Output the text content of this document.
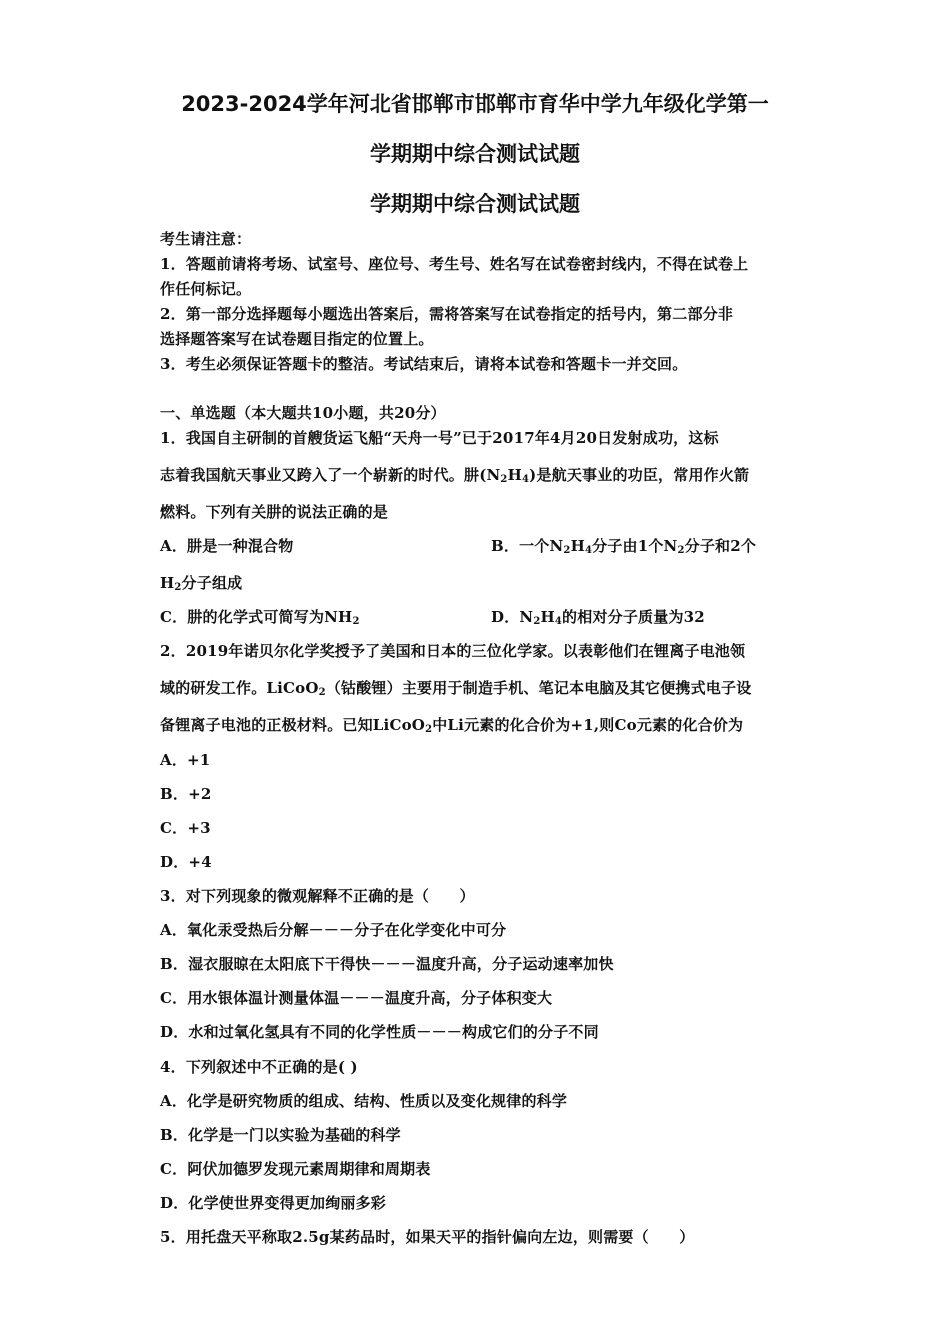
2023-2024学年河北省邯郸市邯郸市育华中学九年级化学第一
学期期中综合测试试题
学期期中综合测试试题
考生请注意：
1．答题前请将考场、试室号、座位号、考生号、姓名写在试卷密封线内，不得在试卷上
作任何标记。
2．第一部分选择题每小题选出答案后，需将答案写在试卷指定的括号内，第二部分非
选择题答案写在试卷题目指定的位置上。
3．考生必须保证答题卡的整洁。考试结束后，请将本试卷和答题卡一并交回。
一、单选题（本大题共10小题，共20分）
1．我国自主研制的首艘货运飞船“天舟一号”已于2017年4月20日发射成功，这标
志着我国航天事业又跨入了一个崭新的时代。肼$(N_2H_4)$是航天事业的功臣，常用作火箭
燃料。下列有关肼的说法正确的是
A．肼是一种混合物	B．一个$N_2H_4$分子由1个$N_2$分子和2个
$H_2$分子组成
C．肼的化学式可简写为$NH_2$	D．$N_2H_4$的相对分子质量为32
2．2019年诺贝尔化学奖授予了美国和日本的三位化学家。以表彰他们在锂离子电池领
域的研发工作。LiCoO$_2$（钴酸锂）主要用于制造手机、笔记本电脑及其它便携式电子设
备锂离子电池的正极材料。已知LiCoO$_2$中Li元素的化合价为+1,则Co元素的化合价为
A．+1
B．+2
C．+3
D．+4
3．对下列现象的微观解释不正确的是（　　）
A．氧化汞受热后分解－－－分子在化学变化中可分
B．湿衣服晾在太阳底下干得快－－－温度升高，分子运动速率加快
C．用水银体温计测量体温－－－温度升高，分子体积变大
D．水和过氧化氢具有不同的化学性质－－－构成它们的分子不同
4．下列叙述中不正确的是( )
A．化学是研究物质的组成、结构、性质以及变化规律的科学
B．化学是一门以实验为基础的科学
C．阿伏加德罗发现元素周期律和周期表
D．化学使世界变得更加绚丽多彩
5．用托盘天平称取2.5g某药品时，如果天平的指针偏向左边，则需要（　　）
